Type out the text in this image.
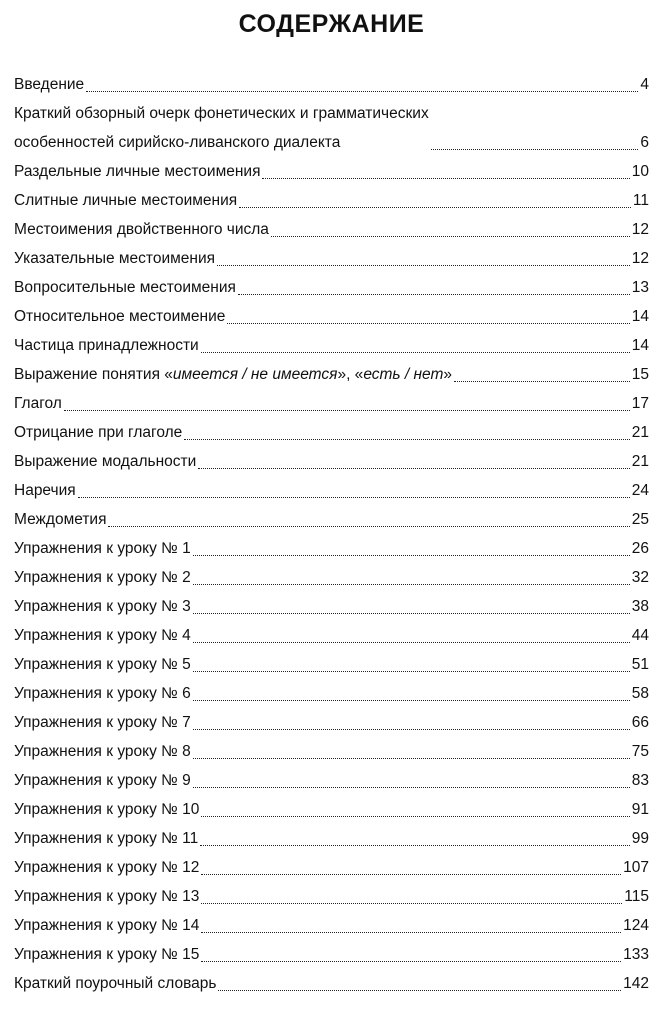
СОДЕРЖАНИЕ
Введение	4
Краткий обзорный очерк фонетических и грамматических
особенностей сирийско-ливанского диалекта	6
Раздельные личные местоимения	10
Слитные личные местоимения	11
Местоимения двойственного числа	12
Указательные местоимения	12
Вопросительные местоимения	13
Относительное местоимение	14
Частица принадлежности	14
Выражение понятия «имеется / не имеется», «есть / нет»	15
Глагол	17
Отрицание при глаголе	21
Выражение модальности	21
Наречия	24
Междометия	25
Упражнения к уроку № 1	26
Упражнения к уроку № 2	32
Упражнения к уроку № 3	38
Упражнения к уроку № 4	44
Упражнения к уроку № 5	51
Упражнения к уроку № 6	58
Упражнения к уроку № 7	66
Упражнения к уроку № 8	75
Упражнения к уроку № 9	83
Упражнения к уроку № 10	91
Упражнения к уроку № 11	99
Упражнения к уроку № 12	107
Упражнения к уроку № 13	115
Упражнения к уроку № 14	124
Упражнения к уроку № 15	133
Краткий поурочный словарь	142
